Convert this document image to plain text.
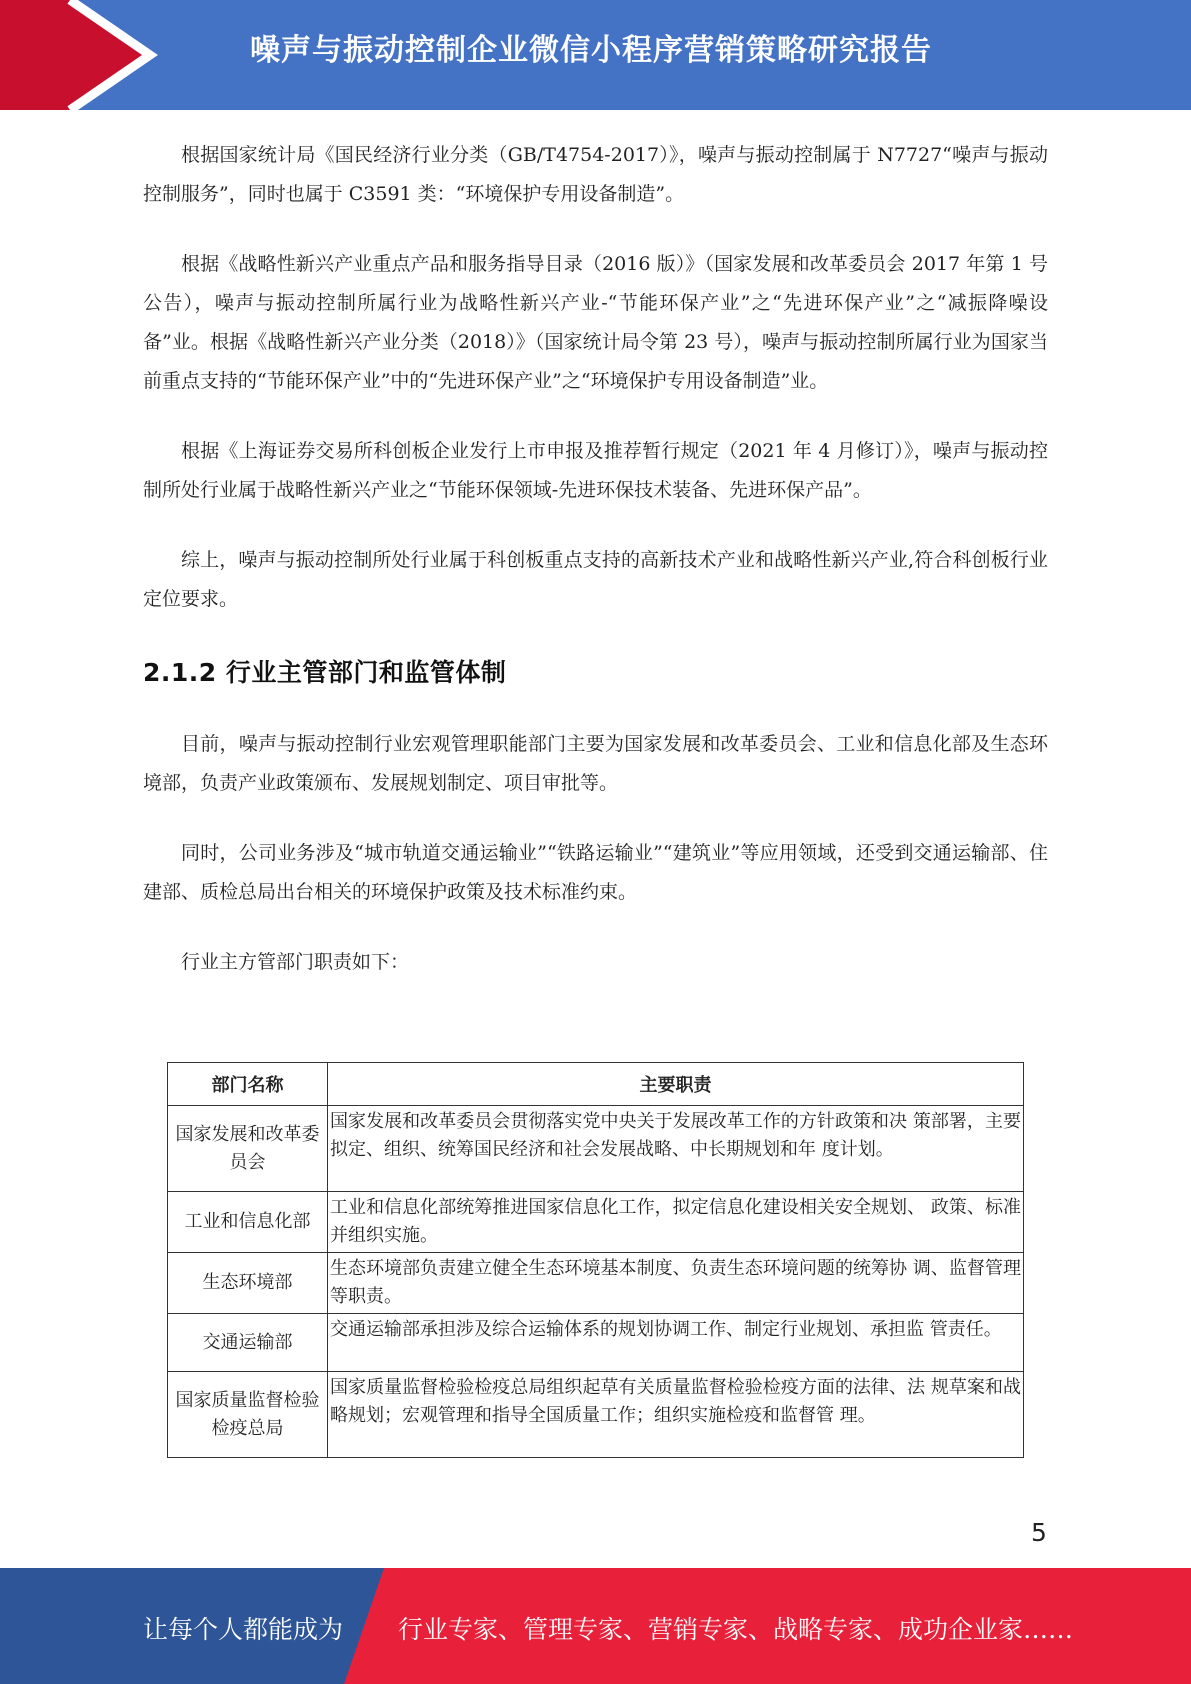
噪声与振动控制企业微信小程序营销策略研究报告

根据国家统计局《国民经济行业分类（GB/T4754-2017）》，噪声与振动控制属于 N7727“噪声与振动控制服务”，同时也属于 C3591 类：“环境保护专用设备制造”。

根据《战略性新兴产业重点产品和服务指导目录（2016 版）》（国家发展和改革委员会 2017 年第 1 号公告），噪声与振动控制所属行业为战略性新兴产业-“节能环保产业”之“先进环保产业”之“减振降噪设备”业。根据《战略性新兴产业分类（2018）》（国家统计局令第 23 号），噪声与振动控制所属行业为国家当前重点支持的“节能环保产业”中的“先进环保产业”之“环境保护专用设备制造”业。

根据《上海证券交易所科创板企业发行上市申报及推荐暂行规定（2021 年 4 月修订）》，噪声与振动控制所处行业属于战略性新兴产业之“节能环保领域-先进环保技术装备、先进环保产品”。

综上，噪声与振动控制所处行业属于科创板重点支持的高新技术产业和战略性新兴产业,符合科创板行业定位要求。

2.1.2 行业主管部门和监管体制

目前，噪声与振动控制行业宏观管理职能部门主要为国家发展和改革委员会、工业和信息化部及生态环境部，负责产业政策颁布、发展规划制定、项目审批等。

同时，公司业务涉及“城市轨道交通运输业”“铁路运输业”“建筑业”等应用领域，还受到交通运输部、住建部、质检总局出台相关的环境保护政策及技术标准约束。

行业主方管部门职责如下：

部门名称	主要职责
国家发展和改革委员会	国家发展和改革委员会贯彻落实党中央关于发展改革工作的方针政策和决 策部署，主要拟定、组织、统筹国民经济和社会发展战略、中长期规划和年 度计划。
工业和信息化部	工业和信息化部统筹推进国家信息化工作，拟定信息化建设相关安全规划、 政策、标准并组织实施。
生态环境部	生态环境部负责建立健全生态环境基本制度、负责生态环境问题的统筹协 调、监督管理等职责。
交通运输部	交通运输部承担涉及综合运输体系的规划协调工作、制定行业规划、承担监 管责任。
国家质量监督检验检疫总局	国家质量监督检验检疫总局组织起草有关质量监督检验检疫方面的法律、法 规草案和战略规划；宏观管理和指导全国质量工作；组织实施检疫和监督管 理。
5
让每个人都能成为 行业专家、管理专家、营销专家、战略专家、成功企业家……
